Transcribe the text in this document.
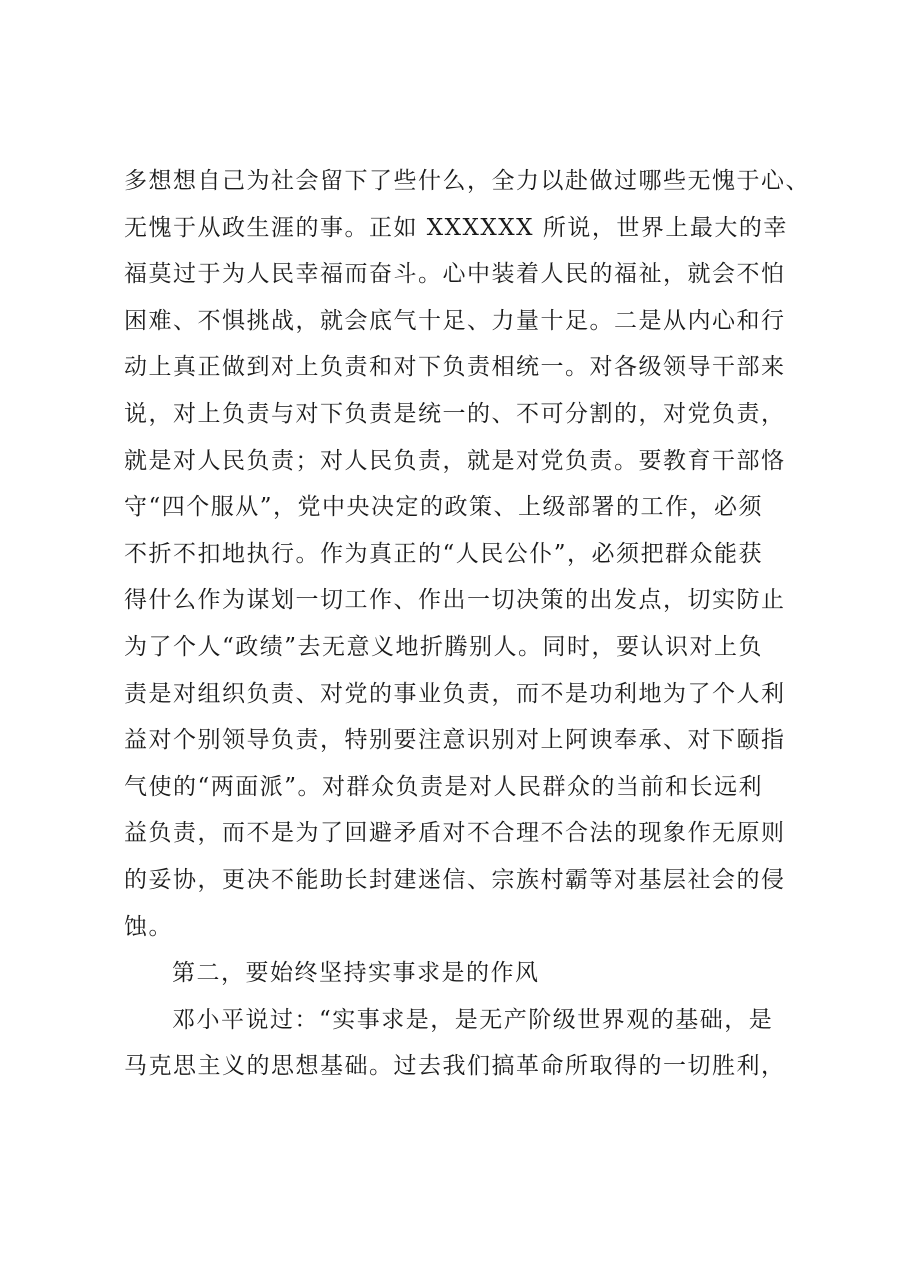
多想想自己为社会留下了些什么，全力以赴做过哪些无愧于心、
无愧于从政生涯的事。正如 XXXXXX 所说，世界上最大的幸
福莫过于为人民幸福而奋斗。心中装着人民的福祉，就会不怕
困难、不惧挑战，就会底气十足、力量十足。二是从内心和行
动上真正做到对上负责和对下负责相统一。对各级领导干部来
说，对上负责与对下负责是统一的、不可分割的，对党负责，
就是对人民负责；对人民负责，就是对党负责。要教育干部恪
守“四个服从”，党中央决定的政策、上级部署的工作，必须
不折不扣地执行。作为真正的“人民公仆”，必须把群众能获
得什么作为谋划一切工作、作出一切决策的出发点，切实防止
为了个人“政绩”去无意义地折腾别人。同时，要认识对上负
责是对组织负责、对党的事业负责，而不是功利地为了个人利
益对个别领导负责，特别要注意识别对上阿谀奉承、对下颐指
气使的“两面派”。对群众负责是对人民群众的当前和长远利
益负责，而不是为了回避矛盾对不合理不合法的现象作无原则
的妥协，更决不能助长封建迷信、宗族村霸等对基层社会的侵
蚀。
第二，要始终坚持实事求是的作风
邓小平说过：“实事求是，是无产阶级世界观的基础，是
马克思主义的思想基础。过去我们搞革命所取得的一切胜利，
